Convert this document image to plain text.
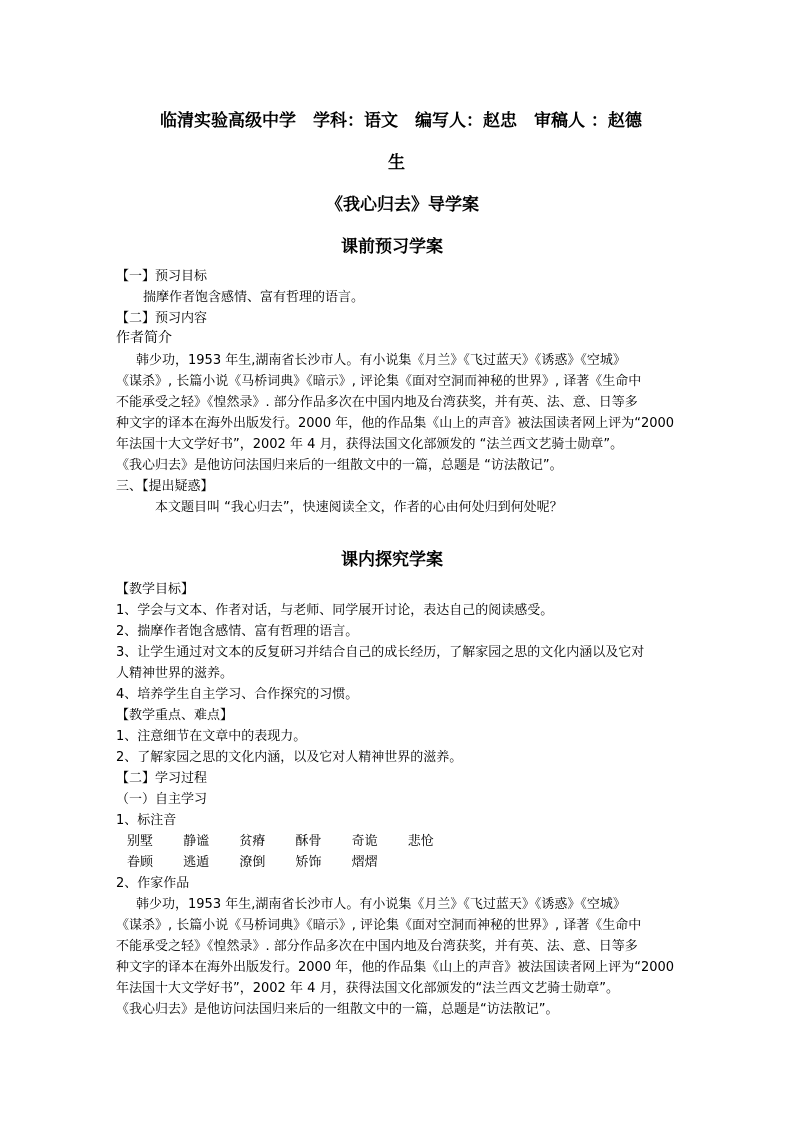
临清实验高级中学　学科：语文　编写人：赵忠　审稿人 ：赵德
生
《我心归去》导学案
课前预习学案
【一】预习目标
揣摩作者饱含感情、富有哲理的语言。
【二】预习内容
作者简介
韩少功，1953 年生,湖南省长沙市人。有小说集《月兰》《飞过蓝天》《诱惑》《空城》
《谋杀》, 长篇小说《马桥词典》《暗示》, 评论集《面对空洞而神秘的世界》, 译著《生命中
不能承受之轻》《惶然录》. 部分作品多次在中国内地及台湾获奖，并有英、法、意、日等多
种文字的译本在海外出版发行。2000 年，他的作品集《山上的声音》被法国读者网上评为“2000
年法国十大文学好书”，2002 年 4 月，获得法国文化部颁发的 “法兰西文艺骑士勋章”。
《我心归去》是他访问法国归来后的一组散文中的一篇，总题是 “访法散记”。
三、【提出疑惑】
本文题目叫 “我心归去”，快速阅读全文，作者的心由何处归到何处呢？
课内探究学案
【教学目标】
1、学会与文本、作者对话，与老师、同学展开讨论，表达自己的阅读感受。
2、揣摩作者饱含感情、富有哲理的语言。
3、让学生通过对文本的反复研习并结合自己的成长经历，了解家园之思的文化内涵以及它对
人精神世界的滋养。
4、培养学生自主学习、合作探究的习惯。
【教学重点、难点】
1、注意细节在文章中的表现力。
2、了解家园之思的文化内涵，以及它对人精神世界的滋养。
【二】学习过程
（一）自主学习
1、标注音
别墅 静谧 贫瘠 酥骨 奇诡 悲怆
眷顾 逃遁 潦倒 矫饰 熠熠
2、作家作品
韩少功，1953 年生,湖南省长沙市人。有小说集《月兰》《飞过蓝天》《诱惑》《空城》
《谋杀》, 长篇小说《马桥词典》《暗示》, 评论集《面对空洞而神秘的世界》, 译著《生命中
不能承受之轻》《惶然录》. 部分作品多次在中国内地及台湾获奖，并有英、法、意、日等多
种文字的译本在海外出版发行。2000 年，他的作品集《山上的声音》被法国读者网上评为“2000
年法国十大文学好书”，2002 年 4 月，获得法国文化部颁发的“法兰西文艺骑士勋章”。
《我心归去》是他访问法国归来后的一组散文中的一篇，总题是“访法散记”。
